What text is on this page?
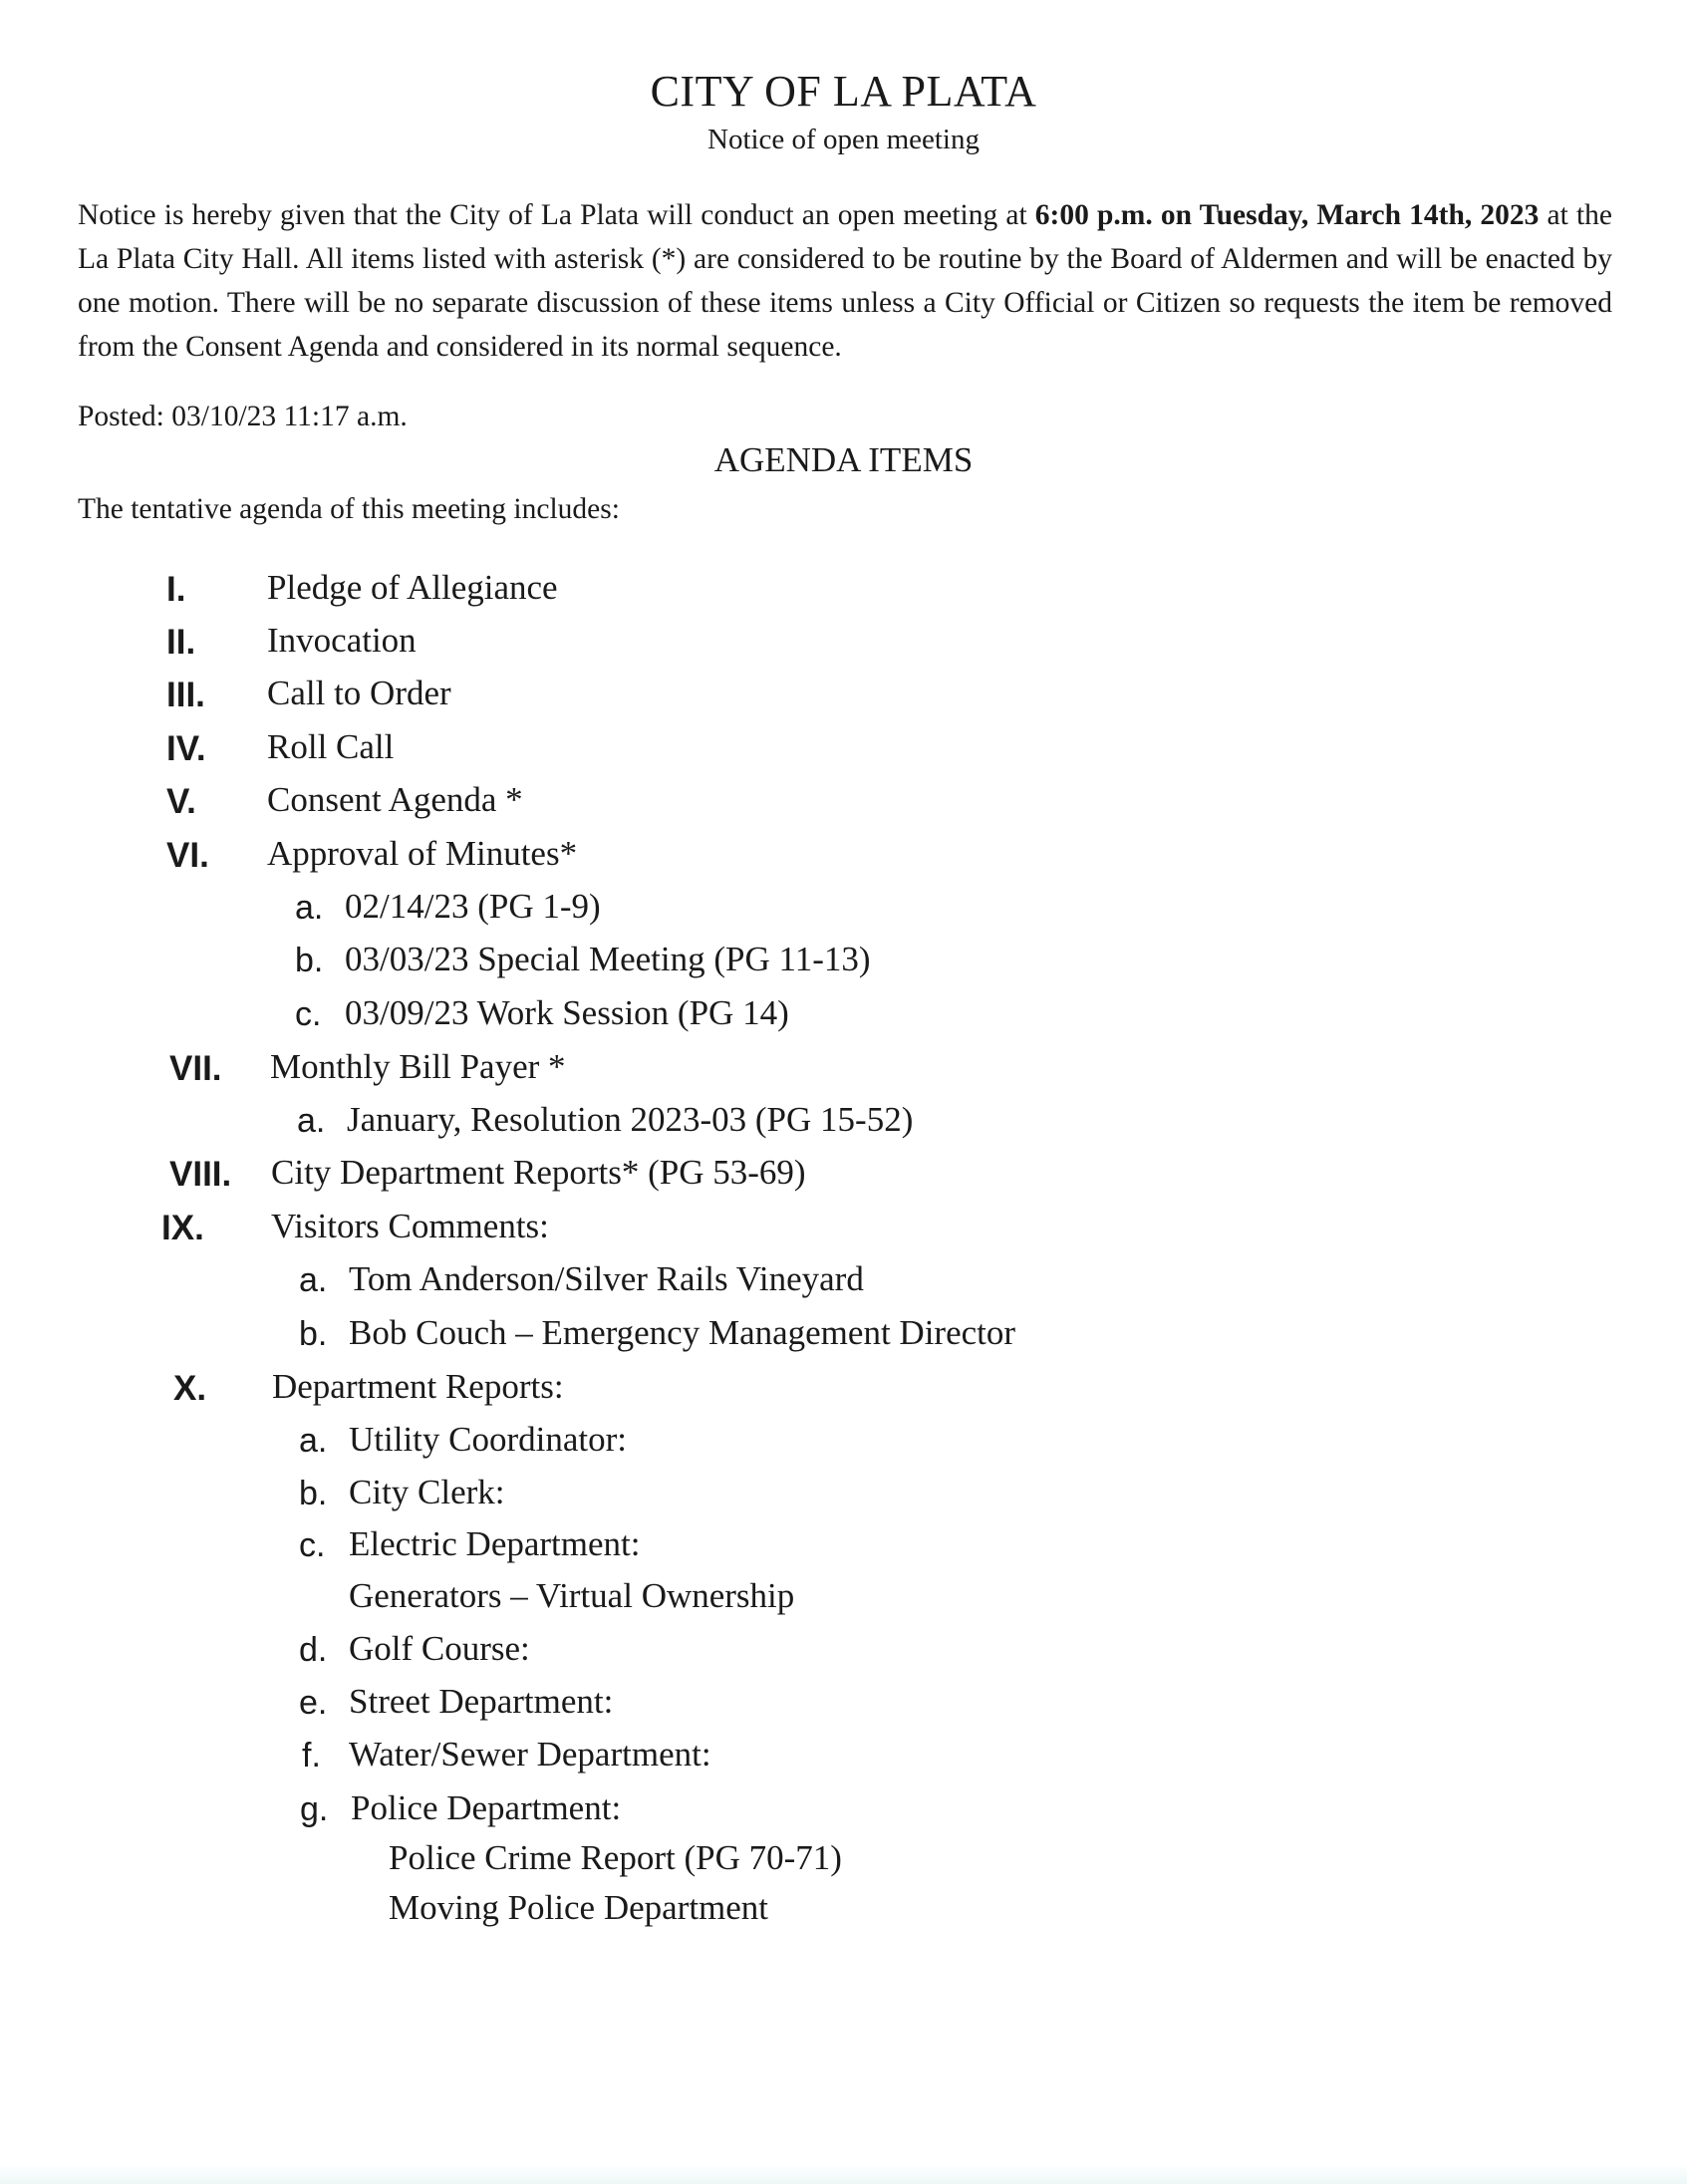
CITY OF LA PLATA
Notice of open meeting
Notice is hereby given that the City of La Plata will conduct an open meeting at 6:00 p.m. on Tuesday, March 14th, 2023 at the La Plata City Hall. All items listed with asterisk (*) are considered to be routine by the Board of Aldermen and will be enacted by one motion. There will be no separate discussion of these items unless a City Official or Citizen so requests the item be removed from the Consent Agenda and considered in its normal sequence.
Posted: 03/10/23 11:17 a.m.
AGENDA ITEMS
The tentative agenda of this meeting includes:
I. Pledge of Allegiance
II. Invocation
III. Call to Order
IV. Roll Call
V. Consent Agenda *
VI. Approval of Minutes*
a. 02/14/23 (PG 1-9)
b. 03/03/23 Special Meeting (PG 11-13)
c. 03/09/23 Work Session (PG 14)
VII. Monthly Bill Payer *
a. January, Resolution 2023-03 (PG 15-52)
VIII. City Department Reports* (PG 53-69)
IX. Visitors Comments:
a. Tom Anderson/Silver Rails Vineyard
b. Bob Couch – Emergency Management Director
X. Department Reports:
a. Utility Coordinator:
b. City Clerk:
c. Electric Department:
Generators – Virtual Ownership
d. Golf Course:
e. Street Department:
f. Water/Sewer Department:
g. Police Department:
Police Crime Report (PG 70-71)
Moving Police Department
